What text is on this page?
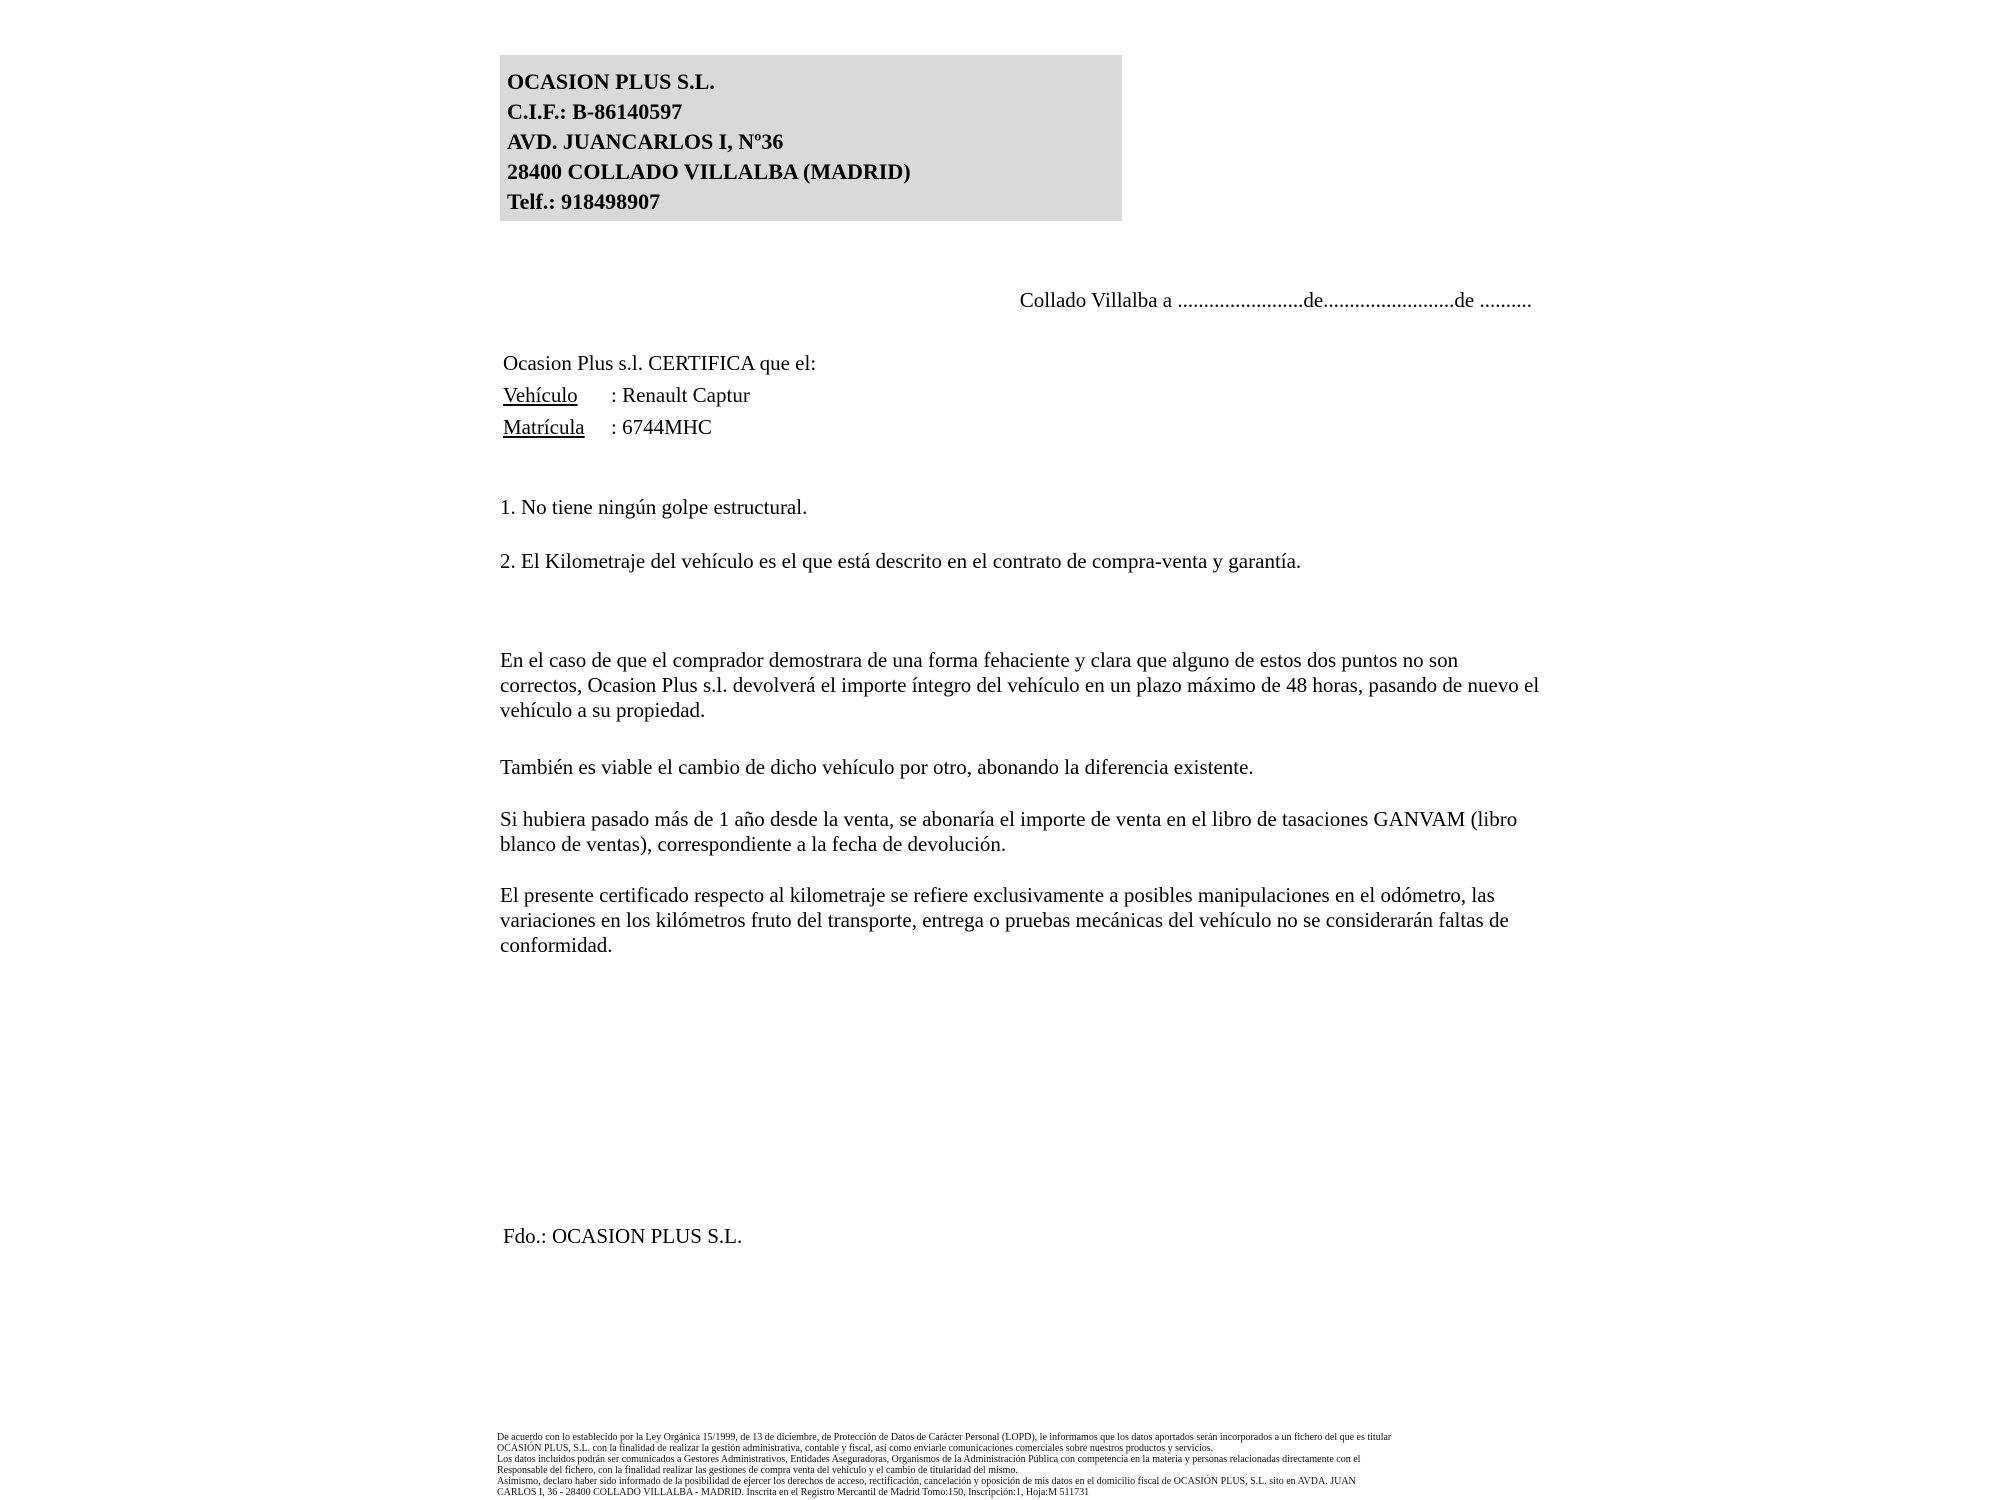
OCASION PLUS S.L.
C.I.F.: B-86140597
AVD. JUANCARLOS I, Nº36
28400 COLLADO VILLALBA (MADRID)
Telf.: 918498907
Collado Villalba a ........................de.........................de ..........
Ocasion Plus s.l. CERTIFICA que el:
Vehículo : Renault Captur
Matrícula : 6744MHC
1. No tiene ningún golpe estructural.
2. El Kilometraje del vehículo es el que está descrito en el contrato de compra-venta y garantía.
En el caso de que el comprador demostrara de una forma fehaciente y clara que alguno de estos dos puntos no son correctos, Ocasion Plus s.l. devolverá el importe íntegro del vehículo en un plazo máximo de 48 horas, pasando de nuevo el vehículo a su propiedad.
También es viable el cambio de dicho vehículo por otro, abonando la diferencia existente.
Si hubiera pasado más de 1 año desde la venta, se abonaría el importe de venta en el libro de tasaciones GANVAM (libro blanco de ventas), correspondiente a la fecha de devolución.
El presente certificado respecto al kilometraje se refiere exclusivamente a posibles manipulaciones en el odómetro, las variaciones en los kilómetros fruto del transporte, entrega o pruebas mecánicas del vehículo no se considerarán faltas de conformidad.
Fdo.: OCASION PLUS S.L.
De acuerdo con lo establecido por la Ley Orgánica 15/1999, de 13 de diciembre, de Protección de Datos de Carácter Personal (LOPD), le informamos que los datos aportados serán incorporados a un fichero del que es titular
OCASIÓN PLUS, S.L. con la finalidad de realizar la gestión administrativa, contable y fiscal, así como enviarle comunicaciones comerciales sobre nuestros productos y servicios.
Los datos incluidos podrán ser comunicados a Gestores Administrativos, Entidades Aseguradoras, Organismos de la Administración Pública con competencia en la materia y personas relacionadas directamente con el
Responsable del fichero, con la finalidad realizar las gestiones de compra venta del vehículo y el cambio de titularidad del mismo.
Asimismo, declaro haber sido informado de la posibilidad de ejercer los derechos de acceso, rectificación, cancelación y oposición de mis datos en el domicilio fiscal de OCASIÓN PLUS, S.L. sito en AVDA. JUAN
CARLOS I, 36 - 28400 COLLADO VILLALBA - MADRID. Inscrita en el Registro Mercantil de Madrid Tomo:150, Inscripción:1, Hoja:M 511731
